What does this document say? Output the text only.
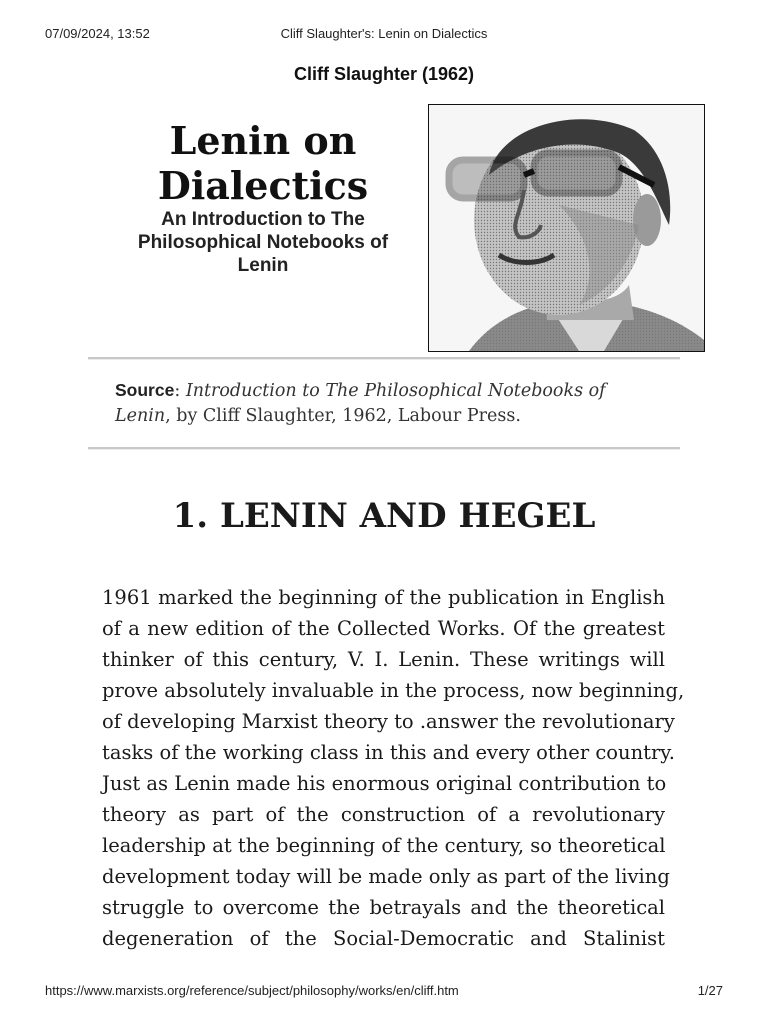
07/09/2024, 13:52	Cliff Slaughter's: Lenin on Dialectics
Cliff Slaughter (1962)

Lenin on
Dialectics

An Introduction to The
Philosophical Notebooks of
Lenin

Source: Introduction to The Philosophical Notebooks of
Lenin, by Cliff Slaughter, 1962, Labour Press.
1. LENIN AND HEGEL

1961 marked the beginning of the publication in English
of a new edition of the Collected Works. Of the greatest
thinker of this century, V. I. Lenin. These writings will
prove absolutely invaluable in the process, now beginning,
of developing Marxist theory to .answer the revolutionary
tasks of the working class in this and every other country.
Just as Lenin made his enormous original contribution to
theory as part of the construction of a revolutionary
leadership at the beginning of the century, so theoretical
development today will be made only as part of the living
struggle to overcome the betrayals and the theoretical
degeneration of the Social-Democratic and Stalinist

https://www.marxists.org/reference/subject/philosophy/works/en/cliff.htm	1/27
